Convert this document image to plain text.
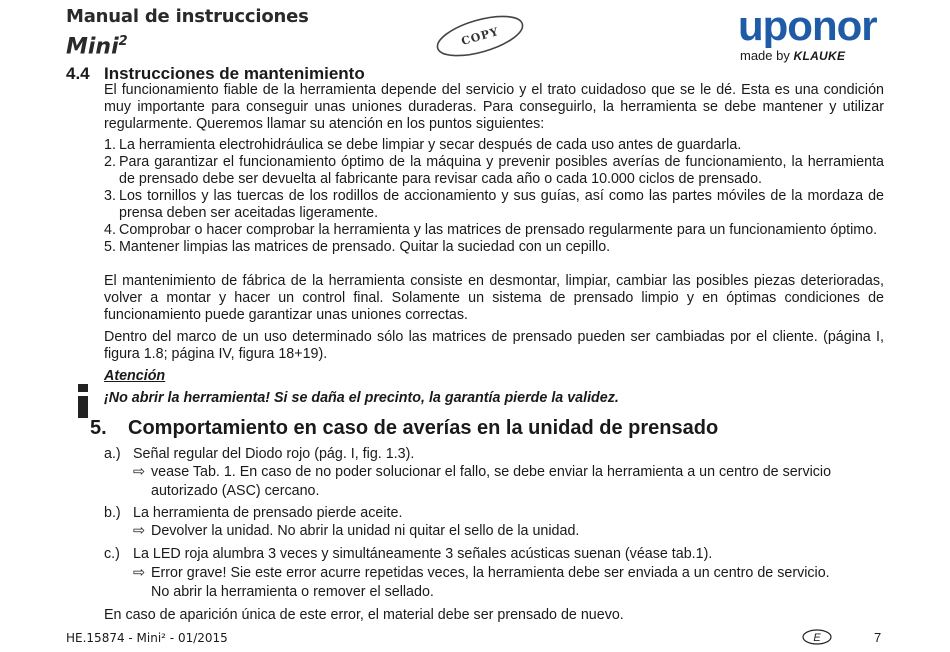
Manual de instrucciones
Mini$^2$	COPY	uponor
made by KLAUKE
4.4 Instrucciones de mantenimiento
El funcionamiento fiable de la herramienta depende del servicio y el trato cuidadoso que se le dé. Esta es una condición muy importante para conseguir unas uniones duraderas. Para conseguirlo, la herramienta se debe mantener y utilizar regularmente. Queremos llamar su atención en los puntos siguientes:
1. La herramienta electrohidráulica se debe limpiar y secar después de cada uso antes de guardarla.
2. Para garantizar el funcionamiento óptimo de la máquina y prevenir posibles averías de funcionamiento, la herramienta de prensado debe ser devuelta al fabricante para revisar cada año o cada 10.000 ciclos de prensado.
3. Los tornillos y las tuercas de los rodillos de accionamiento y sus guías, así como las partes móviles de la mordaza de prensa deben ser aceitadas ligeramente.
4. Comprobar o hacer comprobar la herramienta y las matrices de prensado regularmente para un funcionamiento óptimo.
5. Mantener limpias las matrices de prensado. Quitar la suciedad con un cepillo.
El mantenimiento de fábrica de la herramienta consiste en desmontar, limpiar, cambiar las posibles piezas deterioradas, volver a montar y hacer un control final. Solamente un sistema de prensado limpio y en óptimas condiciones de funcionamiento puede garantizar unas uniones correctas.
Dentro del marco de un uso determinado sólo las matrices de prensado pueden ser cambiadas por el cliente. (página I, figura 1.8; página IV, figura 18+19).
Atención
¡No abrir la herramienta! Si se daña el precinto, la garantía pierde la validez.
5. Comportamiento en caso de averías en la unidad de prensado
a.) Señal regular del Diodo rojo (pág. I, fig. 1.3).
⇨ vease Tab. 1. En caso de no poder solucionar el fallo, se debe enviar la herramienta a un centro de servicio
autorizado (ASC) cercano.
b.) La herramienta de prensado pierde aceite.
⇨ Devolver la unidad. No abrir la unidad ni quitar el sello de la unidad.
c.) La LED roja alumbra 3 veces y simultáneamente 3 señales acústicas suenan (véase tab.1).
⇨ Error grave! Sie este error acurre repetidas veces, la herramienta debe ser enviada a un centro de servicio.
No abrir la herramienta o remover el sellado.
En caso de aparición única de este error, el material debe ser prensado de nuevo.
HE.15874 - Mini² - 01/2015	E	7
